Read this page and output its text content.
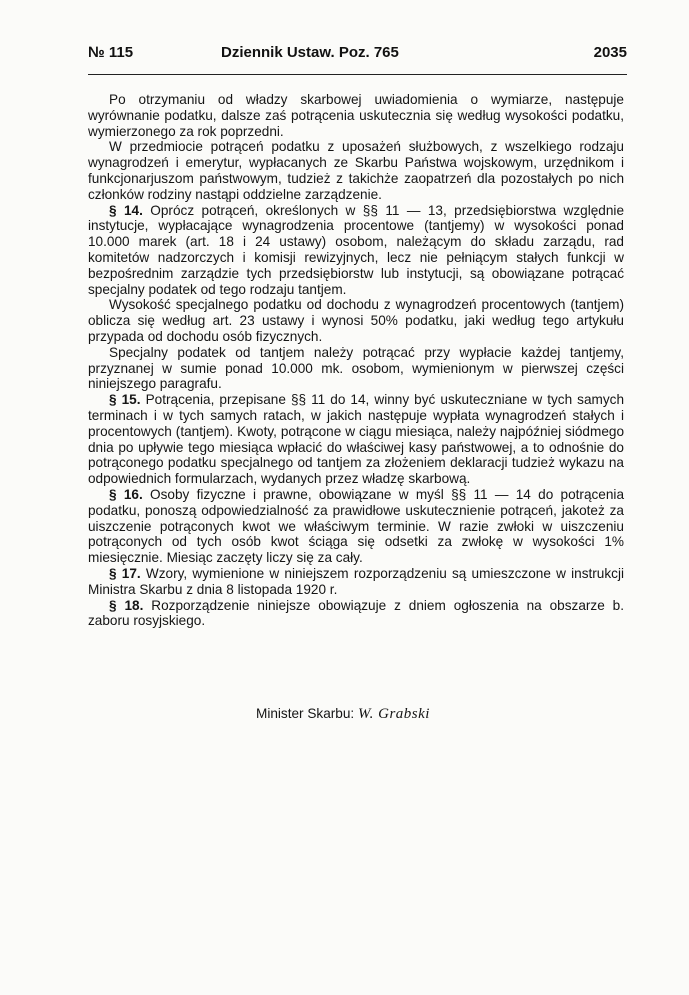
№ 115	Dziennik Ustaw. Poz. 765	2035

Po otrzymaniu od władzy skarbowej uwiadomienia o wymiarze, następuje wyrównanie podatku, dalsze zaś potrącenia uskutecznia się według wysokości podatku, wymierzonego za rok poprzedni.

W przedmiocie potrąceń podatku z uposażeń służbowych, z wszelkiego rodzaju wynagrodzeń i emerytur, wypłacanych ze Skarbu Państwa wojskowym, urzędnikom i funkcjonarjuszom państwowym, tudzież z takichże zaopatrzeń dla pozostałych po nich członków rodziny nastąpi oddzielne zarządzenie.

§ 14. Oprócz potrąceń, określonych w §§ 11 — 13, przedsiębiorstwa względnie instytucje, wypłacające wynagrodzenia procentowe (tantjemy) w wysokości ponad 10.000 marek (art. 18 i 24 ustawy) osobom, należącym do składu zarządu, rad komitetów nadzorczych i komisji rewizyjnych, lecz nie pełniącym stałych funkcji w bezpośrednim zarządzie tych przedsiębiorstw lub instytucji, są obowiązane potrącać specjalny podatek od tego rodzaju tantjem.

Wysokość specjalnego podatku od dochodu z wynagrodzeń procentowych (tantjem) oblicza się według art. 23 ustawy i wynosi 50% podatku, jaki według tego artykułu przypada od dochodu osób fizycznych.

Specjalny podatek od tantjem należy potrącać przy wypłacie każdej tantjemy, przyznanej w sumie ponad 10.000 mk. osobom, wymienionym w pierwszej części niniejszego paragrafu.

§ 15. Potrącenia, przepisane §§ 11 do 14, winny być uskuteczniane w tych samych terminach i w tych samych ratach, w jakich następuje wypłata wynagrodzeń stałych i procentowych (tantjem). Kwoty, potrącone w ciągu miesiąca, należy najpóźniej siódmego dnia po upływie tego miesiąca wpłacić do właściwej kasy państwowej, a to odnośnie do potrąconego podatku specjalnego od tantjem za złożeniem deklaracji tudzież wykazu na odpowiednich formularzach, wydanych przez władzę skarbową.

§ 16. Osoby fizyczne i prawne, obowiązane w myśl §§ 11 — 14 do potrącenia podatku, ponoszą odpowiedzialność za prawidłowe uskutecznienie potrąceń, jakoteż za uiszczenie potrąconych kwot we właściwym terminie. W razie zwłoki w uiszczeniu potrąconych od tych osób kwot ściąga się odsetki za zwłokę w wysokości 1% miesięcznie. Miesiąc zaczęty liczy się za cały.

§ 17. Wzory, wymienione w niniejszem rozporządzeniu są umieszczone w instrukcji Ministra Skarbu z dnia 8 listopada 1920 r.

§ 18. Rozporządzenie niniejsze obowiązuje z dniem ogłoszenia na obszarze b. zaboru rosyjskiego.

Minister Skarbu: W. Grabski
